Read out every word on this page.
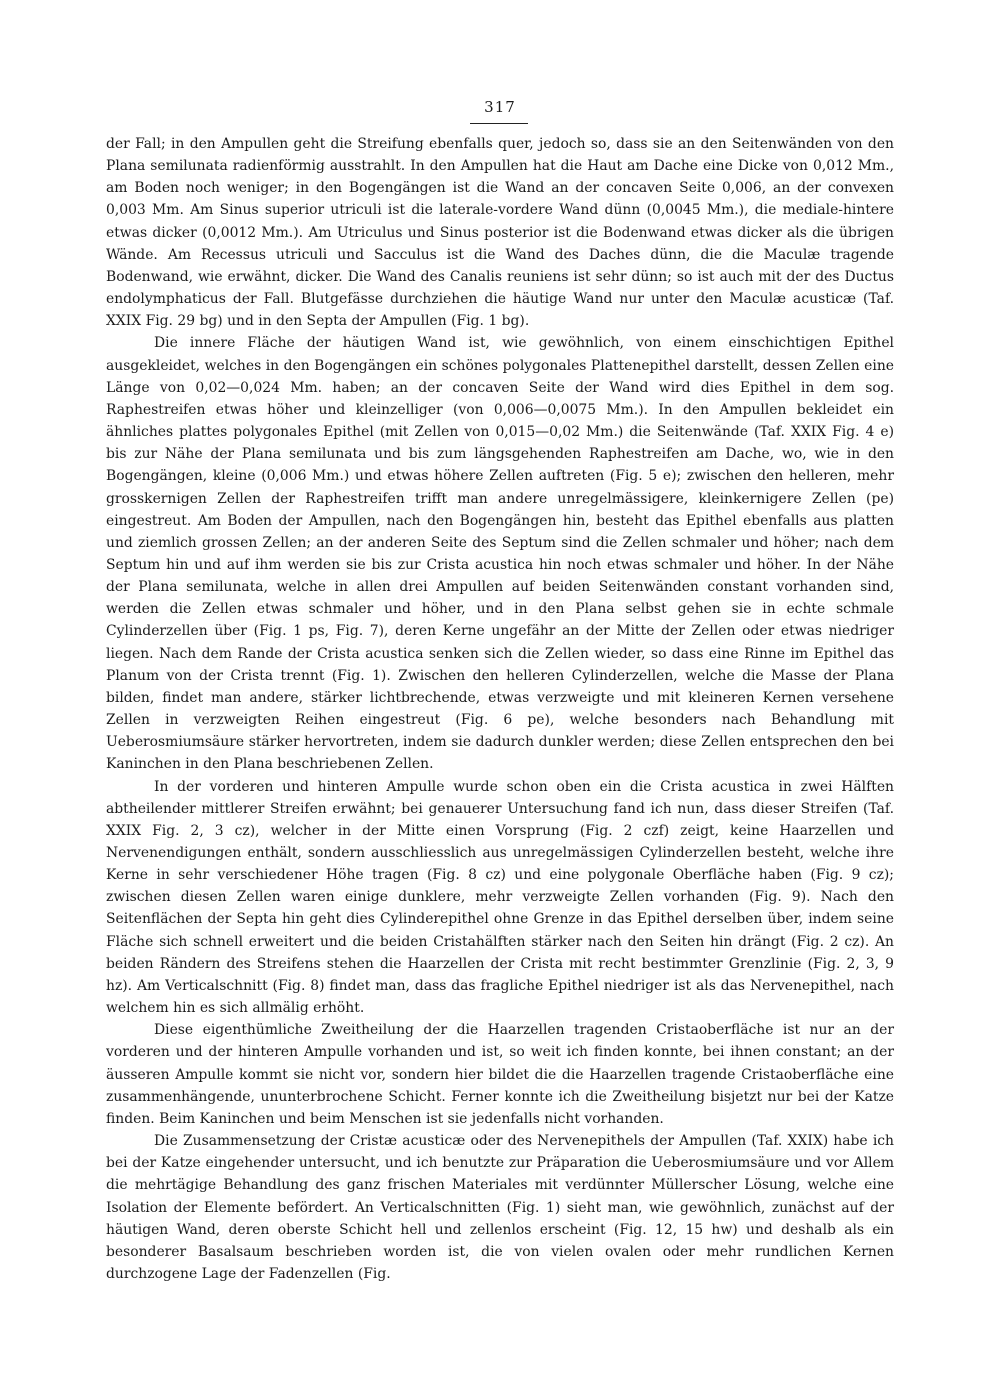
317

der Fall; in den Ampullen geht die Streifung ebenfalls quer, jedoch so, dass sie an den Seitenwänden von den Plana semilunata radienförmig ausstrahlt. In den Ampullen hat die Haut am Dache eine Dicke von 0,012 Mm., am Boden noch weniger; in den Bogengängen ist die Wand an der concaven Seite 0,006, an der convexen 0,003 Mm. Am Sinus superior utriculi ist die laterale-vordere Wand dünn (0,0045 Mm.), die mediale-hintere etwas dicker (0,0012 Mm.). Am Utriculus und Sinus posterior ist die Bodenwand etwas dicker als die übrigen Wände. Am Recessus utriculi und Sacculus ist die Wand des Daches dünn, die die Maculæ tragende Bodenwand, wie erwähnt, dicker. Die Wand des Canalis reuniens ist sehr dünn; so ist auch mit der des Ductus endolymphaticus der Fall. Blutgefässe durchziehen die häutige Wand nur unter den Maculæ acusticæ (Taf. XXIX Fig. 29 bg) und in den Septa der Ampullen (Fig. 1 bg).

Die innere Fläche der häutigen Wand ist, wie gewöhnlich, von einem einschichtigen Epithel ausgekleidet, welches in den Bogengängen ein schönes polygonales Plattenepithel darstellt, dessen Zellen eine Länge von 0,02—0,024 Mm. haben; an der concaven Seite der Wand wird dies Epithel in dem sog. Raphestreifen etwas höher und kleinzelliger (von 0,006—0,0075 Mm.). In den Ampullen bekleidet ein ähnliches plattes polygonales Epithel (mit Zellen von 0,015—0,02 Mm.) die Seitenwände (Taf. XXIX Fig. 4 e) bis zur Nähe der Plana semilunata und bis zum längsgehenden Raphestreifen am Dache, wo, wie in den Bogengängen, kleine (0,006 Mm.) und etwas höhere Zellen auftreten (Fig. 5 e); zwischen den helleren, mehr grosskernigen Zellen der Raphestreifen trifft man andere unregelmässigere, kleinkernigere Zellen (pe) eingestreut. Am Boden der Ampullen, nach den Bogengängen hin, besteht das Epithel ebenfalls aus platten und ziemlich grossen Zellen; an der anderen Seite des Septum sind die Zellen schmaler und höher; nach dem Septum hin und auf ihm werden sie bis zur Crista acustica hin noch etwas schmaler und höher. In der Nähe der Plana semilunata, welche in allen drei Ampullen auf beiden Seitenwänden constant vorhanden sind, werden die Zellen etwas schmaler und höher, und in den Plana selbst gehen sie in echte schmale Cylinderzellen über (Fig. 1 ps, Fig. 7), deren Kerne ungefähr an der Mitte der Zellen oder etwas niedriger liegen. Nach dem Rande der Crista acustica senken sich die Zellen wieder, so dass eine Rinne im Epithel das Planum von der Crista trennt (Fig. 1). Zwischen den helleren Cylinderzellen, welche die Masse der Plana bilden, findet man andere, stärker lichtbrechende, etwas verzweigte und mit kleineren Kernen versehene Zellen in verzweigten Reihen eingestreut (Fig. 6 pe), welche besonders nach Behandlung mit Ueberosmiumsäure stärker hervortreten, indem sie dadurch dunkler werden; diese Zellen entsprechen den bei Kaninchen in den Plana beschriebenen Zellen.

In der vorderen und hinteren Ampulle wurde schon oben ein die Crista acustica in zwei Hälften abtheilender mittlerer Streifen erwähnt; bei genauerer Untersuchung fand ich nun, dass dieser Streifen (Taf. XXIX Fig. 2, 3 cz), welcher in der Mitte einen Vorsprung (Fig. 2 czf) zeigt, keine Haarzellen und Nervenendigungen enthält, sondern ausschliesslich aus unregelmässigen Cylinderzellen besteht, welche ihre Kerne in sehr verschiedener Höhe tragen (Fig. 8 cz) und eine polygonale Oberfläche haben (Fig. 9 cz); zwischen diesen Zellen waren einige dunklere, mehr verzweigte Zellen vorhanden (Fig. 9). Nach den Seitenflächen der Septa hin geht dies Cylinderepithel ohne Grenze in das Epithel derselben über, indem seine Fläche sich schnell erweitert und die beiden Cristahälften stärker nach den Seiten hin drängt (Fig. 2 cz). An beiden Rändern des Streifens stehen die Haarzellen der Crista mit recht bestimmter Grenzlinie (Fig. 2, 3, 9 hz). Am Verticalschnitt (Fig. 8) findet man, dass das fragliche Epithel niedriger ist als das Nervenepithel, nach welchem hin es sich allmälig erhöht.

Diese eigenthümliche Zweitheilung der die Haarzellen tragenden Cristaoberfläche ist nur an der vorderen und der hinteren Ampulle vorhanden und ist, so weit ich finden konnte, bei ihnen constant; an der äusseren Ampulle kommt sie nicht vor, sondern hier bildet die die Haarzellen tragende Cristaoberfläche eine zusammenhängende, ununterbrochene Schicht. Ferner konnte ich die Zweitheilung bisjetzt nur bei der Katze finden. Beim Kaninchen und beim Menschen ist sie jedenfalls nicht vorhanden.

Die Zusammensetzung der Cristæ acusticæ oder des Nervenepithels der Ampullen (Taf. XXIX) habe ich bei der Katze eingehender untersucht, und ich benutzte zur Präparation die Ueberosmiumsäure und vor Allem die mehrtägige Behandlung des ganz frischen Materiales mit verdünnter Müllerscher Lösung, welche eine Isolation der Elemente befördert. An Verticalschnitten (Fig. 1) sieht man, wie gewöhnlich, zunächst auf der häutigen Wand, deren oberste Schicht hell und zellenlos erscheint (Fig. 12, 15 hw) und deshalb als ein besonderer Basalsaum beschrieben worden ist, die von vielen ovalen oder mehr rundlichen Kernen durchzogene Lage der Fadenzellen (Fig.
